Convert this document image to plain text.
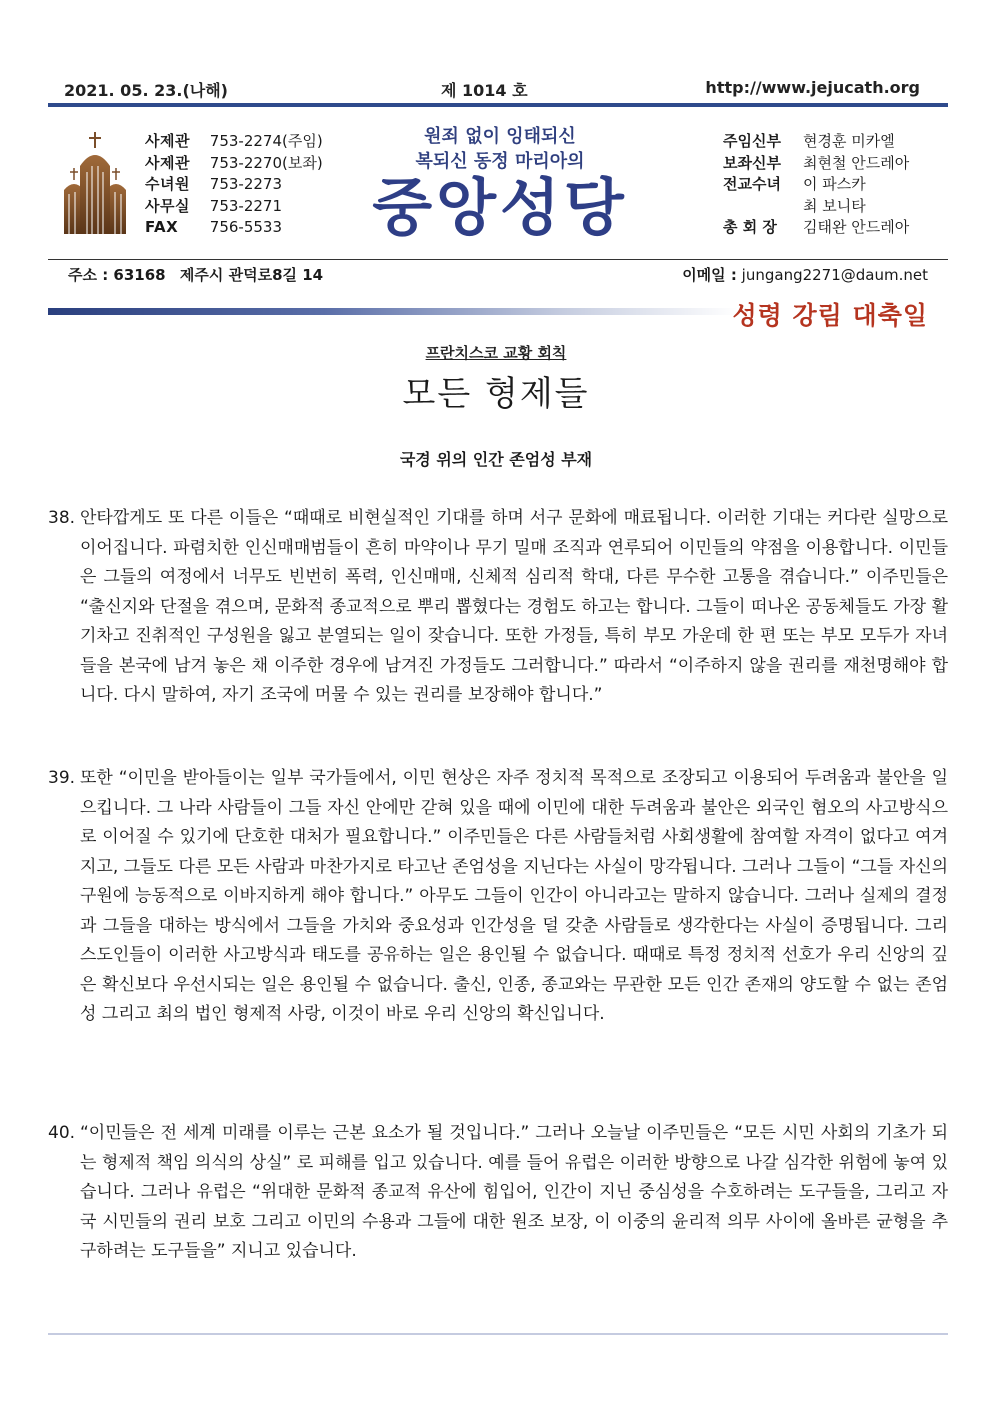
2021. 05. 23.(나해)	제 1014 호	http://www.jejucath.org
사제관 753-2274(주임)
사제관 753-2270(보좌)
수녀원 753-2273
사무실 753-2271
FAX 756-5533
원죄 없이 잉태되신
복되신 동정 마리아의
중앙성당
주임신부 현경훈 미카엘
보좌신부 최현철 안드레아
전교수녀 이 파스카
최 보니타
총 회 장 김태완 안드레아
주소 : 63168 제주시 관덕로8길 14	이메일 : jungang2271@daum.net
성령 강림 대축일
프란치스코 교황 회칙
모든 형제들
국경 위의 인간 존엄성 부재
38. 안타깝게도 또 다른 이들은 “때때로 비현실적인 기대를 하며 서구 문화에 매료됩니다. 이러한 기대는 커다란 실망으로 이어집니다. 파렴치한 인신매매범들이 흔히 마약이나 무기 밀매 조직과 연루되어 이민들의 약점을 이용합니다. 이민들은 그들의 여정에서 너무도 빈번히 폭력, 인신매매, 신체적 심리적 학대, 다른 무수한 고통을 겪습니다.” 이주민들은 “출신지와 단절을 겪으며, 문화적 종교적으로 뿌리 뽑혔다는 경험도 하고는 합니다. 그들이 떠나온 공동체들도 가장 활기차고 진취적인 구성원을 잃고 분열되는 일이 잦습니다. 또한 가정들, 특히 부모 가운데 한 편 또는 부모 모두가 자녀들을 본국에 남겨 놓은 채 이주한 경우에 남겨진 가정들도 그러합니다.” 따라서 “이주하지 않을 권리를 재천명해야 합니다. 다시 말하여, 자기 조국에 머물 수 있는 권리를 보장해야 합니다.”
39. 또한 “이민을 받아들이는 일부 국가들에서, 이민 현상은 자주 정치적 목적으로 조장되고 이용되어 두려움과 불안을 일으킵니다. 그 나라 사람들이 그들 자신 안에만 갇혀 있을 때에 이민에 대한 두려움과 불안은 외국인 혐오의 사고방식으로 이어질 수 있기에 단호한 대처가 필요합니다.” 이주민들은 다른 사람들처럼 사회생활에 참여할 자격이 없다고 여겨지고, 그들도 다른 모든 사람과 마찬가지로 타고난 존엄성을 지닌다는 사실이 망각됩니다. 그러나 그들이 “그들 자신의 구원에 능동적으로 이바지하게 해야 합니다.” 아무도 그들이 인간이 아니라고는 말하지 않습니다. 그러나 실제의 결정과 그들을 대하는 방식에서 그들을 가치와 중요성과 인간성을 덜 갖춘 사람들로 생각한다는 사실이 증명됩니다. 그리스도인들이 이러한 사고방식과 태도를 공유하는 일은 용인될 수 없습니다. 때때로 특정 정치적 선호가 우리 신앙의 깊은 확신보다 우선시되는 일은 용인될 수 없습니다. 출신, 인종, 종교와는 무관한 모든 인간 존재의 양도할 수 없는 존엄성 그리고 최의 법인 형제적 사랑, 이것이 바로 우리 신앙의 확신입니다.
40. “이민들은 전 세계 미래를 이루는 근본 요소가 될 것입니다.” 그러나 오늘날 이주민들은 “모든 시민 사회의 기초가 되는 형제적 책임 의식의 상실” 로 피해를 입고 있습니다. 예를 들어 유럽은 이러한 방향으로 나갈 심각한 위험에 놓여 있습니다. 그러나 유럽은 “위대한 문화적 종교적 유산에 힘입어, 인간이 지닌 중심성을 수호하려는 도구들을, 그리고 자국 시민들의 권리 보호 그리고 이민의 수용과 그들에 대한 원조 보장, 이 이중의 윤리적 의무 사이에 올바른 균형을 추구하려는 도구들을” 지니고 있습니다.
